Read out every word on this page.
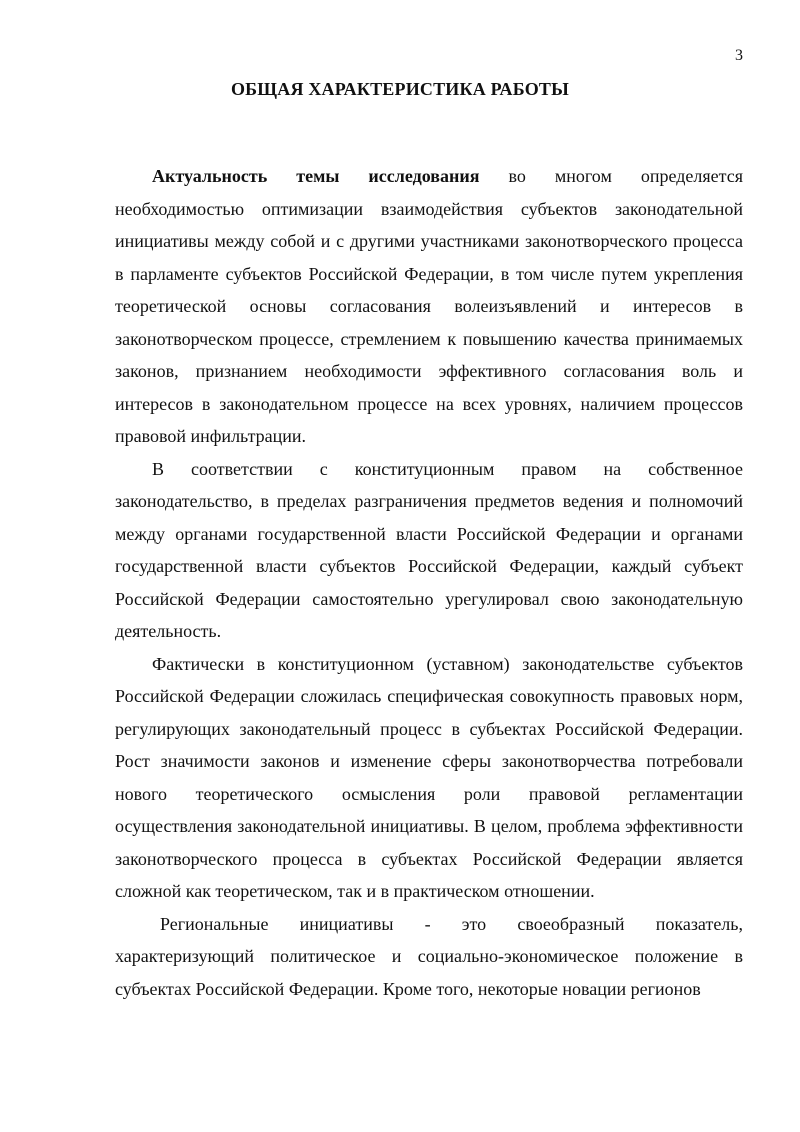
3
ОБЩАЯ ХАРАКТЕРИСТИКА РАБОТЫ

Актуальность темы исследования во многом определяется необходимостью оптимизации взаимодействия субъектов законодательной инициативы между собой и с другими участниками законотворческого процесса в парламенте субъектов Российской Федерации, в том числе путем укрепления теоретической основы согласования волеизъявлений и интересов в законотворческом процессе, стремлением к повышению качества принимаемых законов, признанием необходимости эффективного согласования воль и интересов в законодательном процессе на всех уровнях, наличием процессов правовой инфильтрации.

В соответствии с конституционным правом на собственное законодательство, в пределах разграничения предметов ведения и полномочий между органами государственной власти Российской Федерации и органами государственной власти субъектов Российской Федерации, каждый субъект Российской Федерации самостоятельно урегулировал свою законодательную деятельность.

Фактически в конституционном (уставном) законодательстве субъектов Российской Федерации сложилась специфическая совокупность правовых норм, регулирующих законодательный процесс в субъектах Российской Федерации. Рост значимости законов и изменение сферы законотворчества потребовали нового теоретического осмысления роли правовой регламентации осуществления законодательной инициативы. В целом, проблема эффективности законотворческого процесса в субъектах Российской Федерации является сложной как теоретическом, так и в практическом отношении.

Региональные инициативы - это своеобразный показатель, характеризующий политическое и социально-экономическое положение в субъектах Российской Федерации. Кроме того, некоторые новации регионов
